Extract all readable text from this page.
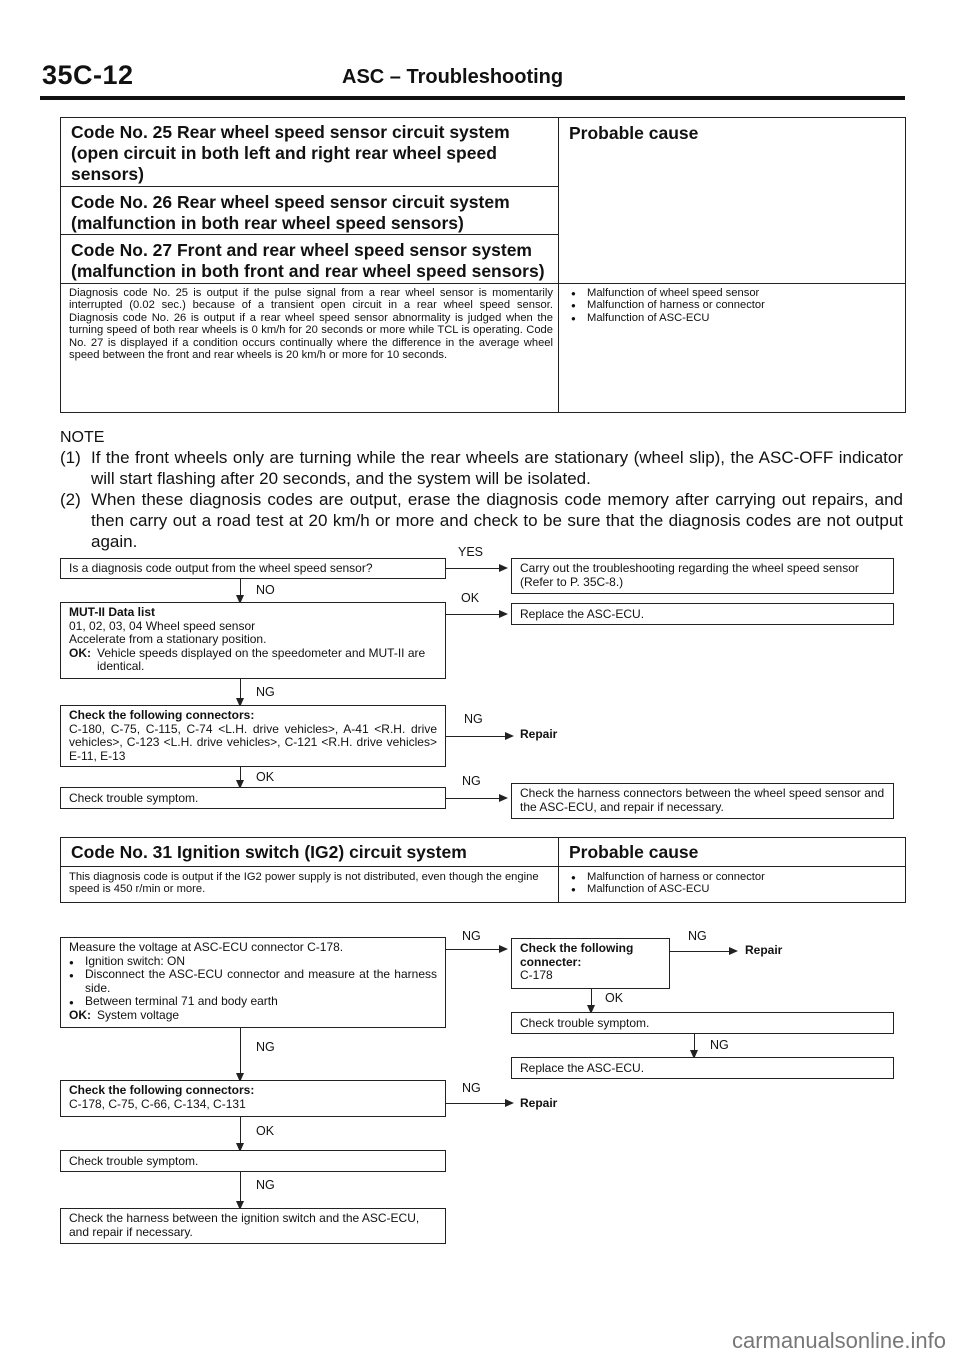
35C-12	ASC – Troubleshooting
Code No. 25 Rear wheel speed sensor circuit system (open circuit in both left and right rear wheel speed sensors)
Code No. 26 Rear wheel speed sensor circuit system (malfunction in both rear wheel speed sensors)
Code No. 27 Front and rear wheel speed sensor system (malfunction in both front and rear wheel speed sensors)
Probable cause
Diagnosis code No. 25 is output if the pulse signal from a rear wheel sensor is momentarily interrupted (0.02 sec.) because of a transient open circuit in a rear wheel speed sensor. Diagnosis code No. 26 is output if a rear wheel speed sensor abnormality is judged when the turning speed of both rear wheels is 0 km/h for 20 seconds or more while TCL is operating. Code No. 27 is displayed if a condition occurs continually where the difference in the average wheel speed between the front and rear wheels is 20 km/h or more for 10 seconds.
● Malfunction of wheel speed sensor
● Malfunction of harness or connector
● Malfunction of ASC-ECU
NOTE
(1) If the front wheels only are turning while the rear wheels are stationary (wheel slip), the ASC-OFF indicator will start flashing after 20 seconds, and the system will be isolated.
(2) When these diagnosis codes are output, erase the diagnosis code memory after carrying out repairs, and then carry out a road test at 20 km/h or more and check to be sure that the diagnosis codes are not output again.
Is a diagnosis code output from the wheel speed sensor?
YES
Carry out the troubleshooting regarding the wheel speed sensor (Refer to P. 35C-8.)
NO
MUT-II Data list
01, 02, 03, 04 Wheel speed sensor
Accelerate from a stationary position.
OK: Vehicle speeds displayed on the speedometer and MUT-II are identical.
OK
Replace the ASC-ECU.
NG
Check the following connectors:
C-180, C-75, C-115, C-74 <L.H. drive vehicles>, A-41 <R.H. drive vehicles>, C-123 <L.H. drive vehicles>, C-121 <R.H. drive vehicles> E-11, E-13
NG
Repair
OK
Check trouble symptom.
NG
Check the harness connectors between the wheel speed sensor and the ASC-ECU, and repair if necessary.
Code No. 31 Ignition switch (IG2) circuit system	Probable cause
This diagnosis code is output if the IG2 power supply is not distributed, even though the engine speed is 450 r/min or more.
● Malfunction of harness or connector
● Malfunction of ASC-ECU
Measure the voltage at ASC-ECU connector C-178.
● Ignition switch: ON
● Disconnect the ASC-ECU connector and measure at the harness side.
● Between terminal 71 and body earth
OK: System voltage
NG
Check the following connecter:
C-178
NG
Repair
OK
Check trouble symptom.
NG
Replace the ASC-ECU.
NG
Check the following connectors:
C-178, C-75, C-66, C-134, C-131
NG
Repair
OK
Check trouble symptom.
NG
Check the harness between the ignition switch and the ASC-ECU, and repair if necessary.
carmanualsonline.info
